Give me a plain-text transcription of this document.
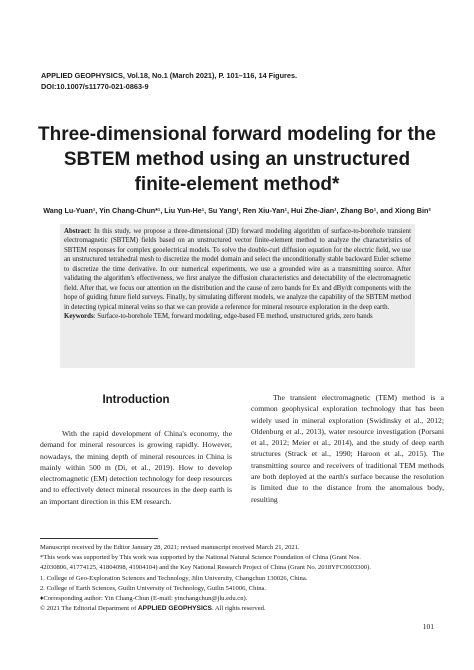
APPLIED GEOPHYSICS, Vol.18, No.1 (March 2021), P. 101–116, 14 Figures.
DOI:10.1007/s11770-021-0863-9
Three-dimensional forward modeling for the
SBTEM method using an unstructured
finite-element method*
Wang Lu-Yuan¹, Yin Chang-Chun*¹, Liu Yun-He¹, Su Yang¹, Ren Xiu-Yan¹, Hui Zhe-Jian¹, Zhang Bo¹, and Xiong Bin²
Abstract: In this study, we propose a three-dimensional (3D) forward modeling algorithm of surface-to-borehole transient electromagnetic (SBTEM) fields based on an unstructured vector finite-element method to analyze the characteristics of SBTEM responses for complex geoelectrical models. To solve the double-curl diffusion equation for the electric field, we use an unstructured tetrahedral mesh to discretize the model domain and select the unconditionally stable backward Euler scheme to discretize the time derivative. In our numerical experiments, we use a grounded wire as a transmitting source. After validating the algorithm's effectiveness, we first analyze the diffusion characteristics and detectability of the electromagnetic field. After that, we focus our attention on the distribution and the cause of zero bands for Ex and dBy/dt components with the hope of guiding future field surveys. Finally, by simulating different models, we analyze the capability of the SBTEM method in detecting typical mineral veins so that we can provide a reference for mineral resource exploration in the deep earth.
Keywords: Surface-to-borehole TEM, forward modeling, edge-based FE method, unstructured grids, zero bands
Introduction

With the rapid development of China's economy, the demand for mineral resources is growing rapidly. However, nowadays, the mining depth of mineral resources in China is mainly within 500 m (Di, et al., 2019). How to develop electromagnetic (EM) detection technology for deep resources and to effectively detect mineral resources in the deep earth is an important direction in this EM research.

The transient electromagnetic (TEM) method is a common geophysical exploration technology that has been widely used in mineral exploration (Swidinsky et al., 2012; Oldenburg et al., 2013), water resource investigation (Porsani et al., 2012; Meier et al., 2014), and the study of deep earth structures (Strack et al., 1990; Haroon et al., 2015). The transmitting source and receivers of traditional TEM methods are both deployed at the earth's surface because the resolution is limited due to the distance from the anomalous body, resulting

Manuscript received by the Editor January 28, 2021; revised manuscript received March 21, 2021.
*This work was supported by This work was supported by the National Natural Science Foundation of China (Grant Nos.
42030806, 41774125, 41804098, 41904104) and the Key National Research Project of China (Grant No. 2018YFC0603300).
1. College of Geo-Exploration Sciences and Technology, Jilin University, Changchun 130026, China.
2. College of Earth Sciences, Guilin University of Technology, Guilin 541006, China.
♦Corresponding author: Yin Chang-Chun (E-mail: yinchangchun@jlu.edu.cn).
© 2021 The Editorial Department of APPLIED GEOPHYSICS. All rights reserved.
101
